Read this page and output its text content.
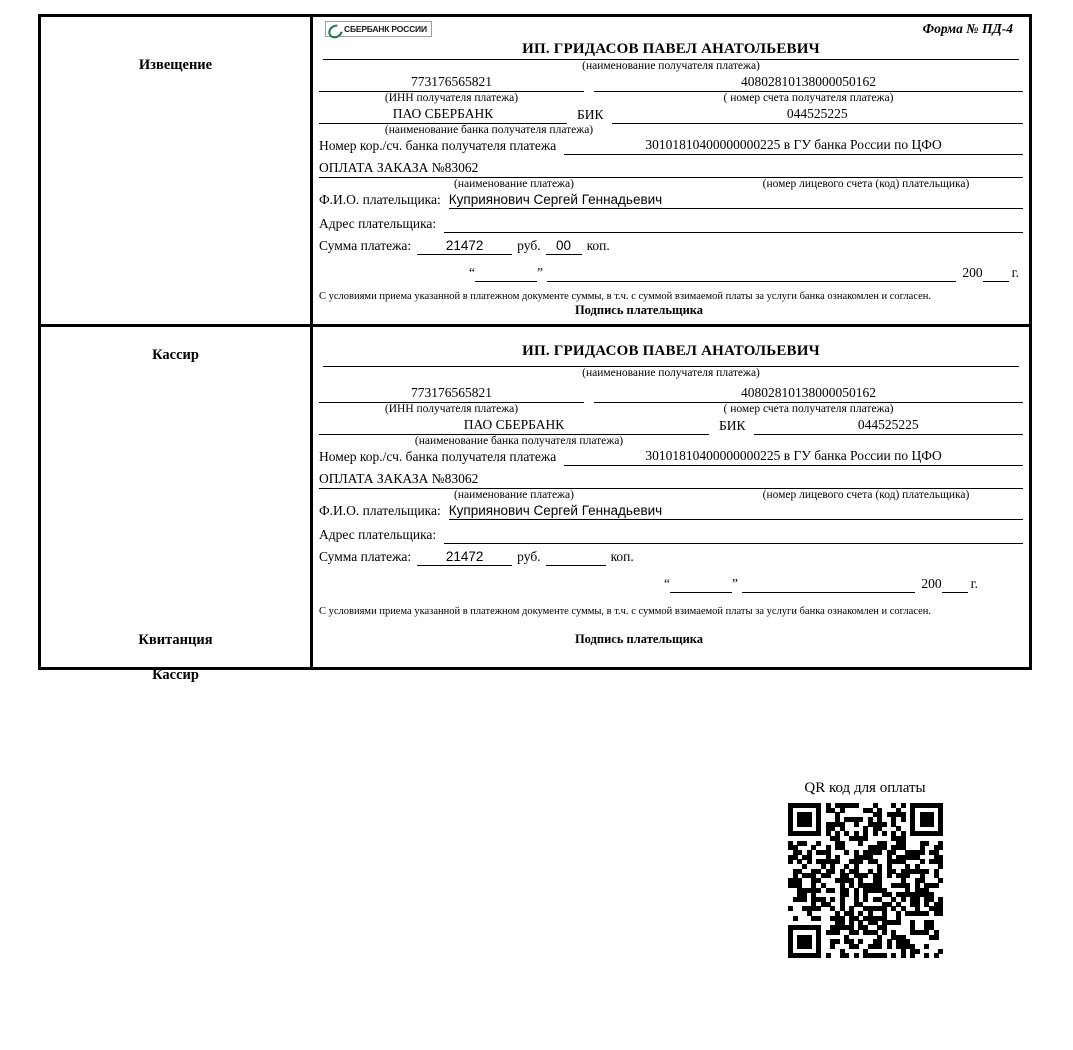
Извещение
Кассир
СБЕРБАНК РОССИИ	Форма № ПД-4
ИП. ГРИДАСОВ ПАВЕЛ АНАТОЛЬЕВИЧ
(наименование получателя платежа)
773176565821	40802810138000050162
(ИНН получателя платежа)	( номер счета получателя платежа)
ПАО СБЕРБАНК	БИК	044525225
(наименование банка получателя платежа)
Номер кор./сч. банка получателя платежа	30101810400000000225 в ГУ банка России по ЦФО
ОПЛАТА ЗАКАЗА №83062
(наименование платежа)	(номер лицевого счета (код) плательщика)
Ф.И.О. плательщика: Куприянович Сергей Геннадьевич
Адрес плательщика:
Сумма платежа:	21472	руб.	00	коп.
“	”	200 г.
С условиями приема указанной в платежном документе суммы, в т.ч. с суммой взимаемой платы за услуги банка ознакомлен и согласен.
Подпись плательщика
Квитанция
Кассир
ИП. ГРИДАСОВ ПАВЕЛ АНАТОЛЬЕВИЧ
(наименование получателя платежа)
773176565821	40802810138000050162
(ИНН получателя платежа)	( номер счета получателя платежа)
ПАО СБЕРБАНК	БИК	044525225
(наименование банка получателя платежа)
Номер кор./сч. банка получателя платежа	30101810400000000225 в ГУ банка России по ЦФО
ОПЛАТА ЗАКАЗА №83062
(наименование платежа)	(номер лицевого счета (код) плательщика)
Ф.И.О. плательщика: Куприянович Сергей Геннадьевич
Адрес плательщика:
Сумма платежа:	21472	руб.	коп.
“	”	200 г.
С условиями приема указанной в платежном документе суммы, в т.ч. с суммой взимаемой платы за услуги банка ознакомлен и согласен.
Подпись плательщика
QR код для оплаты
